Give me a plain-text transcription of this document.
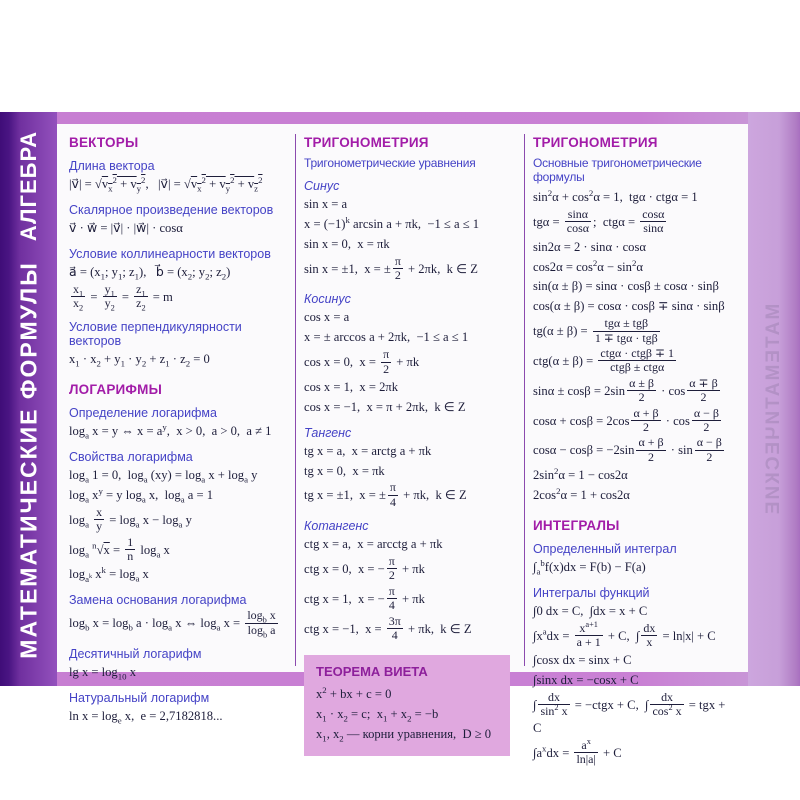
АЛГЕБРА
МАТЕМАТИЧЕСКИЕ ФОРМУЛЫ
ВЕКТОРЫ
Длина вектора
|v⃗| = $√v_x^2 + v_y^2$,   |v⃗| = $√v_x^2 + v_y^2 + v_z^2$
Скалярное произведение векторов
v⃗ · w⃗ = |v⃗| · |w⃗| · cosα
Условие коллинеарности векторов
a⃗ = ($x_1$; $y_1$; $z_1$),   b⃗ = ($x_2$; $y_2$; $z_2$)
$\frac{x_1}{x_2} = \frac{y_1}{y_2} = \frac{z_1}{z_2} = m$
Условие перпендикулярности векторов
$x_1 \cdot x_2 + y_1 \cdot y_2 + z_1 \cdot z_2 = 0$
ЛОГАРИФМЫ
Определение логарифма
$\log_a x = y$ ⇔ $x = a^y$,  x > 0,  a > 0,  a ≠ 1
Свойства логарифма
$\log_a 1 = 0$,  $\log_a (xy) = \log_a x + \log_a y$
$\log_a x^y = y$ $\log_a x$,  $\log_a a = 1$
$\log_a \frac{x}{y} = \log_a x - \log_a y$
$\log_a ^n√x = \frac{1}{n} \log_a x$
$\log_{a^k} x^k = \log_a x$
Замена основания логарифма
$\log_b x = \log_b a \cdot \log_a x$ ⇔ $\log_a x = \frac{\log_b x}{\log_b a}$
Десятичный логарифм
$\lg x = \log_{10} x$
Натуральный логарифм
$\ln x = \log_e x$,  e = 2,7182818...
ТРИГОНОМЕТРИЯ
Тригонометрические уравнения
Синус
sin x = a
$x = (-1)^k$ arcsin a + πk,  −1 ≤ a ≤ 1
sin x = 0,  x = πk
sin x = ±1,  x = ± $\frac{\pi}{2} + 2\pi k$,  k ∈ Z
Косинус
cos x = a
x = ± arccos a + 2πk,  −1 ≤ a ≤ 1
cos x = 0,  $x = \frac{\pi}{2} + \pi k$
cos x = 1,  x = 2πk
cos x = −1,  x = π + 2πk,  k ∈ Z
Тангенс
tg x = a,  x = arctg a + πk
tg x = 0,  x = πk
tg x = ±1,  x = ± $\frac{\pi}{4} + \pi k$,  k ∈ Z
Котангенс
ctg x = a,  x = arcctg a + πk
ctg x = 0,  x = − $\frac{\pi}{2} + \pi k$
ctg x = 1,  x = − $\frac{\pi}{4} + \pi k$
ctg x = −1,  $x = \frac{3\pi}{4} + \pi k$,  k ∈ Z
ТЕОРЕМА ВИЕТА
$x^2$ + bx + c = 0
$x_1 \cdot x_2 = c$;  $x_1 + x_2 = -b$
$x_1$, $x_2$ — корни уравнения,  D ≥ 0
ТРИГОНОМЕТРИЯ
Основные тригонометрические формулы
$\sin^2\alpha + \cos^2\alpha = 1$,  tgα · ctgα = 1
$tg\alpha = \frac{\sin\alpha}{\cos\alpha}$ ;  $ctg\alpha = \frac{\cos\alpha}{\sin\alpha}$
sin2α = 2 · sinα · cosα
$\cos 2\alpha = \cos^2\alpha - \sin^2\alpha$
sin(α ± β) = sinα · cosβ ± cosα · sinβ
cos(α ± β) = cosα · cosβ ∓ sinα · sinβ
tg(α ± β) =
tgα ± tgβ
1 ∓ tgα · tgβ
ctg(α ± β) =
ctgα · ctgβ ∓ 1
ctgβ ± ctgα
$\sin\alpha \pm \cos\beta = 2\sin \frac{\alpha \pm \beta}{2} \cdot \cos \frac{\alpha \mp \beta}{2}$
$\cos\alpha + \cos\beta = 2\cos \frac{\alpha + \beta}{2} \cdot \cos \frac{\alpha - \beta}{2}$
$\cos\alpha - \cos\beta = -2\sin \frac{\alpha + \beta}{2} \cdot \sin \frac{\alpha - \beta}{2}$
$2\sin^2\alpha = 1 - \cos 2\alpha$
$2\cos^2\alpha = 1 + \cos 2\alpha$
ИНТЕГРАЛЫ
Определенный интеграл
$\int_a^bf(x)dx = F(b) - F(a)$
Интегралы функций
∫0 dx = C,  ∫dx = x + C
$\int x^adx = \frac{x^{a+1}}{a + 1} + C$,  ∫ $\frac{dx}{x} = \ln|x| + C$
∫cosx dx = sinx + C
∫sinx dx = −cosx + C
∫ $\frac{dx}{\sin^2 x}$ = −ctgx + C,  ∫ $\frac{dx}{\cos^2 x}$ = tgx + C
$\int a^xdx = \frac{a^x}{\ln|a|} + C$
МАТЕМАТИЧЕСКИЕ
